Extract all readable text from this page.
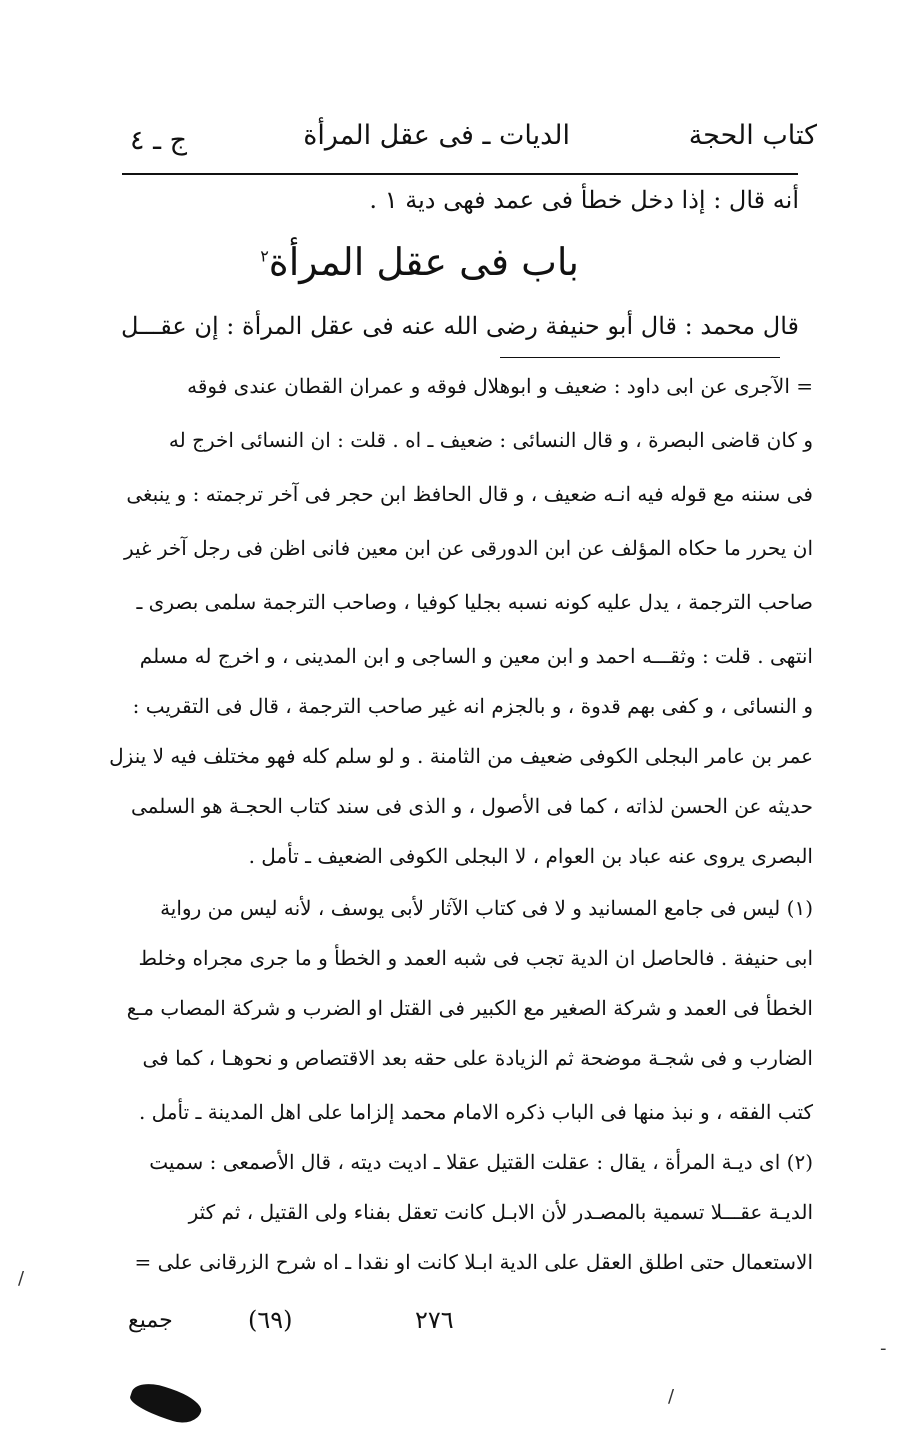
كتاب الحجة
الديات ـ فى عقل المرأة
ج ـ ٤
أنه قال : إذا دخل خطأ فى عمد فهى دية ١ .
باب فى عقل المرأة$^٢$
قال محمد : قال أبو حنيفة رضى الله عنه فى عقل المرأة : إن عقـــل
= الآجرى عن ابى داود : ضعيف و ابوهلال فوقه و عمران القطان عندى فوقه
و كان قاضى البصرة ، و قال النسائى : ضعيف ـ اه . قلت : ان النسائى اخرج له
فى سننه مع قوله فيه انـه ضعيف ، و قال الحافظ ابن حجر فى آخر ترجمته : و ينبغى
ان يحرر ما حكاه المؤلف عن ابن الدورقى عن ابن معين فانى اظن فى رجل آخر غير
صاحب الترجمة ، يدل عليه كونه نسبه بجليا كوفيا ، وصاحب الترجمة سلمى بصرى ـ
انتهى . قلت : وثقـــه احمد و ابن معين و الساجى و ابن المدينى ، و اخرج له مسلم
و النسائى ، و كفى بهم قدوة ، و بالجزم انه غير صاحب الترجمة ، قال فى التقريب :
عمر بن عامر البجلى الكوفى ضعيف من الثامنة . و لو سلم كله فهو مختلف فيه لا ينزل
حديثه عن الحسن لذاته ، كما فى الأصول ، و الذى فى سند كتاب الحجـة هو السلمى
البصرى يروى عنه عباد بن العوام ، لا البجلى الكوفى الضعيف ـ تأمل .
(١) ليس فى جامع المسانيد و لا فى كتاب الآثار لأبى يوسف ، لأنه ليس من رواية
ابى حنيفة . فالحاصل ان الدية تجب فى شبه العمد و الخطأ و ما جرى مجراه وخلط
الخطأ فى العمد و شركة الصغير مع الكبير فى القتل او الضرب و شركة المصاب مـع
الضارب و فى شجـة موضحة ثم الزيادة على حقه بعد الاقتصاص و نحوهـا ، كما فى
كتب الفقه ، و نبذ منها فى الباب ذكره الامام محمد إلزاما على اهل المدينة ـ تأمل .
(٢) اى ديـة المرأة ، يقال : عقلت القتيل عقلا ـ اديت ديته ، قال الأصمعى : سميت
الديـة عقـــلا تسمية بالمصـدر لأن الابـل كانت تعقل بفناء ولى القتيل ، ثم كثر
الاستعمال حتى اطلق العقل على الدية ابـلا كانت او نقدا ـ اه شرح الزرقانى على =
جميع	(٦٩)	٢٧٦
/
/
-
